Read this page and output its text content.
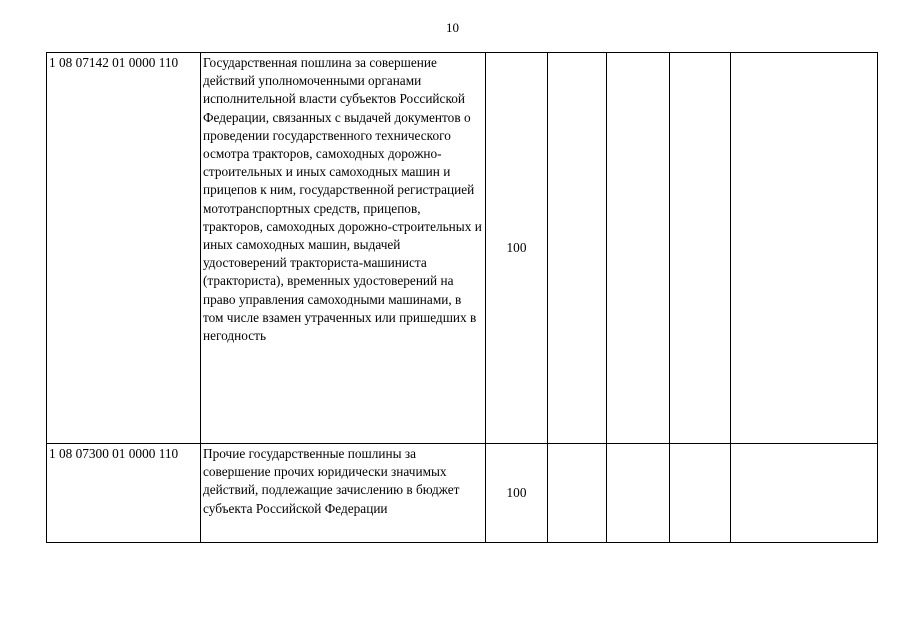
10
1 08 07142 01 0000 110	Государственная пошлина за совершение действий уполномоченными органами исполнительной власти субъектов Российской Федерации, связанных с выдачей документов о проведении государственного технического осмотра тракторов, самоходных дорожно-строительных и иных самоходных машин и прицепов к ним, государственной регистрацией мототранспортных средств, прицепов, тракторов, самоходных дорожно-строительных и иных самоходных машин, выдачей удостоверений тракториста-машиниста (тракториста), временных удостоверений на право управления самоходными машинами, в том числе взамен утраченных или пришедших в негодность	100				
1 08 07300 01 0000 110	Прочие государственные пошлины за совершение прочих юридически значимых действий, подлежащие зачислению в бюджет субъекта Российской Федерации	100				
